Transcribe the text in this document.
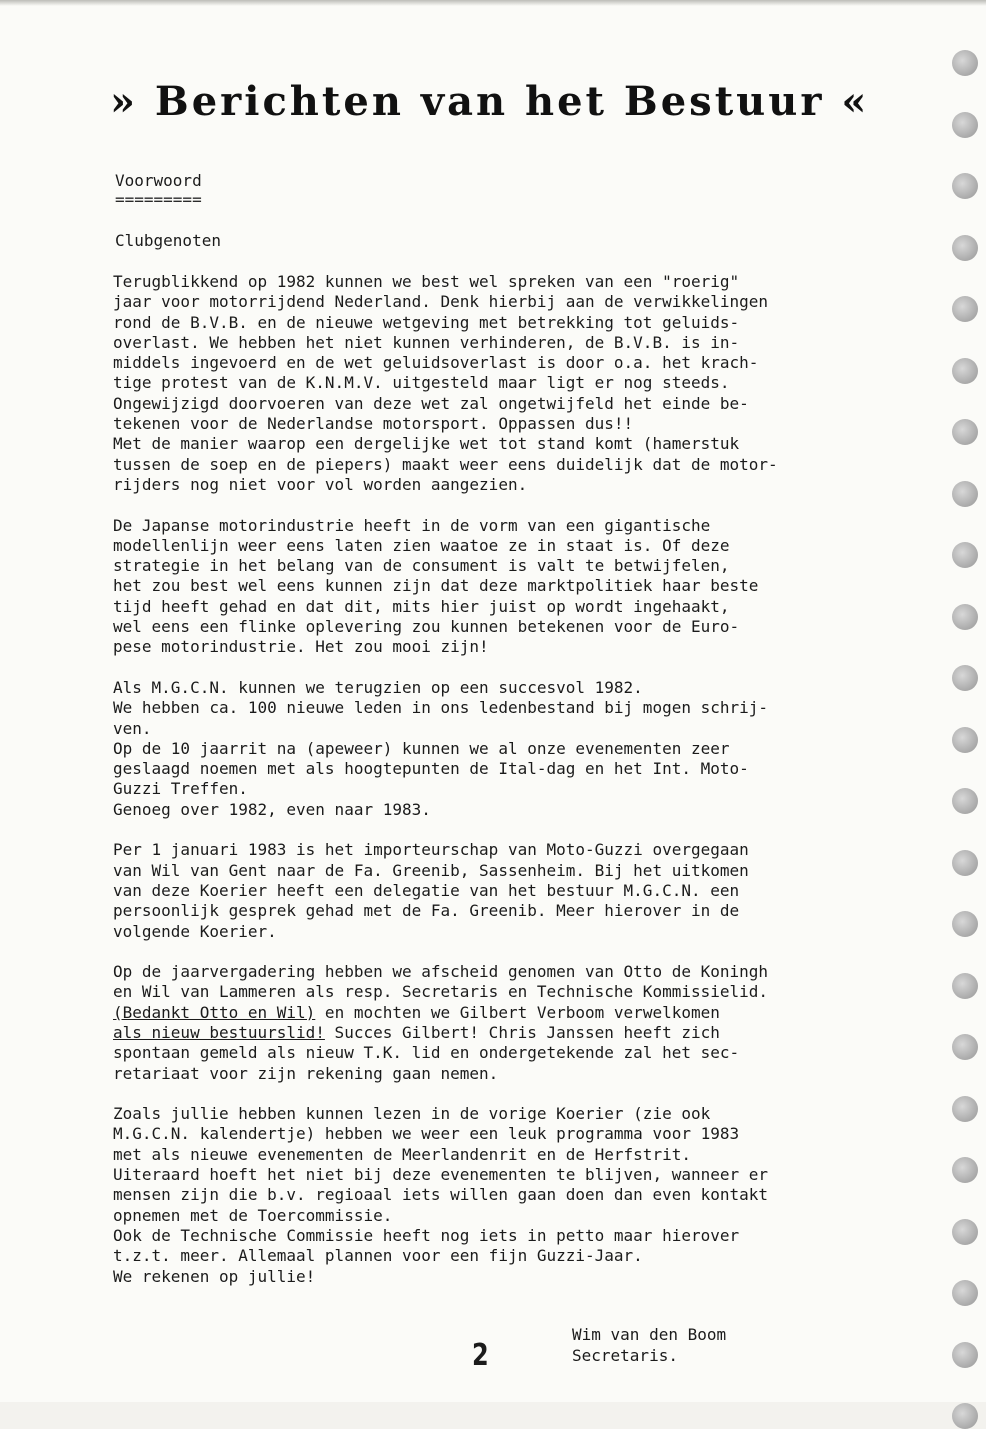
» Berichten van het Bestuur «
Voorwoord
=========
Clubgenoten
Terugblikkend op 1982 kunnen we best wel spreken van een "roerig"
jaar voor motorrijdend Nederland. Denk hierbij aan de verwikkelingen
rond de B.V.B. en de nieuwe wetgeving met betrekking tot geluids-
overlast. We hebben het niet kunnen verhinderen, de B.V.B. is in-
middels ingevoerd en de wet geluidsoverlast is door o.a. het krach-
tige protest van de K.N.M.V. uitgesteld maar ligt er nog steeds.
Ongewijzigd doorvoeren van deze wet zal ongetwijfeld het einde be-
tekenen voor de Nederlandse motorsport. Oppassen dus!!
Met de manier waarop een dergelijke wet tot stand komt (hamerstuk
tussen de soep en de piepers) maakt weer eens duidelijk dat de motor-
rijders nog niet voor vol worden aangezien.
De Japanse motorindustrie heeft in de vorm van een gigantische
modellenlijn weer eens laten zien waatoe ze in staat is. Of deze
strategie in het belang van de consument is valt te betwijfelen,
het zou best wel eens kunnen zijn dat deze marktpolitiek haar beste
tijd heeft gehad en dat dit, mits hier juist op wordt ingehaakt,
wel eens een flinke oplevering zou kunnen betekenen voor de Euro-
pese motorindustrie. Het zou mooi zijn!
Als M.G.C.N. kunnen we terugzien op een succesvol 1982.
We hebben ca. 100 nieuwe leden in ons ledenbestand bij mogen schrij-
ven.
Op de 10 jaarrit na (apeweer) kunnen we al onze evenementen zeer
geslaagd noemen met als hoogtepunten de Ital-dag en het Int. Moto-
Guzzi Treffen.
Genoeg over 1982, even naar 1983.
Per 1 januari 1983 is het importeurschap van Moto-Guzzi overgegaan
van Wil van Gent naar de Fa. Greenib, Sassenheim. Bij het uitkomen
van deze Koerier heeft een delegatie van het bestuur M.G.C.N. een
persoonlijk gesprek gehad met de Fa. Greenib. Meer hierover in de
volgende Koerier.
Op de jaarvergadering hebben we afscheid genomen van Otto de Koningh
en Wil van Lammeren als resp. Secretaris en Technische Kommissielid.
(Bedankt Otto en Wil) en mochten we Gilbert Verboom verwelkomen
als nieuw bestuurslid! Succes Gilbert! Chris Janssen heeft zich
spontaan gemeld als nieuw T.K. lid en ondergetekende zal het sec-
retariaat voor zijn rekening gaan nemen.
Zoals jullie hebben kunnen lezen in de vorige Koerier (zie ook
M.G.C.N. kalendertje) hebben we weer een leuk programma voor 1983
met als nieuwe evenementen de Meerlandenrit en de Herfstrit.
Uiteraard hoeft het niet bij deze evenementen te blijven, wanneer er
mensen zijn die b.v. regioaal iets willen gaan doen dan even kontakt
opnemen met de Toercommissie.
Ook de Technische Commissie heeft nog iets in petto maar hierover
t.z.t. meer. Allemaal plannen voor een fijn Guzzi-Jaar.
We rekenen op jullie!
2
Wim van den Boom
Secretaris.
